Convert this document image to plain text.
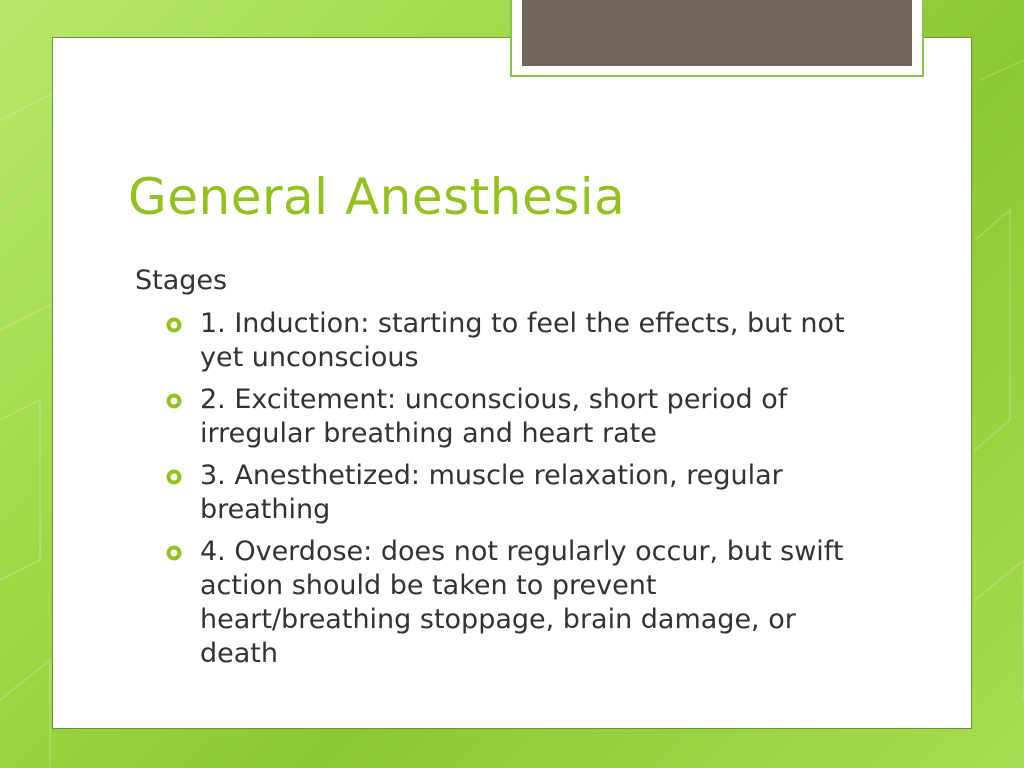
General Anesthesia
Stages
1. Induction: starting to feel the effects, but not yet unconscious
2. Excitement: unconscious, short period of irregular breathing and heart rate
3. Anesthetized: muscle relaxation, regular breathing
4. Overdose: does not regularly occur, but swift action should be taken to prevent heart/breathing stoppage, brain damage, or death
